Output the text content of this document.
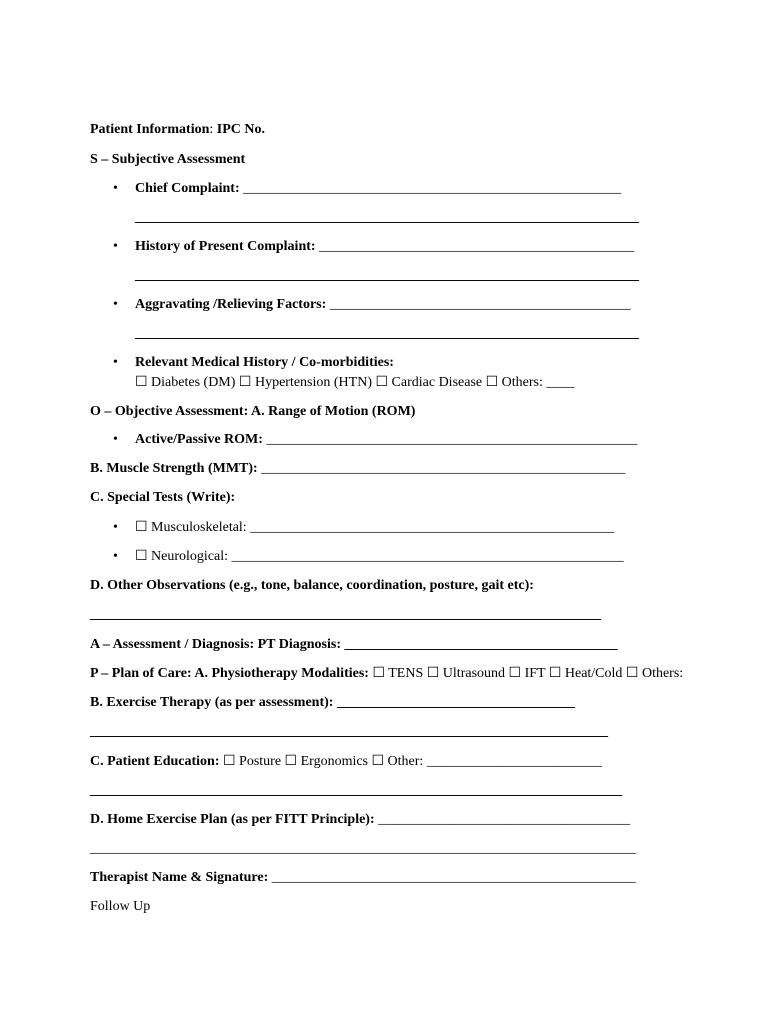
Patient Information: IPC No.
S – Subjective Assessment
• Chief Complaint: ______________________________________________________
________________________________________________________________________
• History of Present Complaint: _____________________________________________
________________________________________________________________________
• Aggravating /Relieving Factors: ___________________________________________
________________________________________________________________________
• Relevant Medical History / Co-morbidities:
☐ Diabetes (DM) ☐ Hypertension (HTN) ☐ Cardiac Disease ☐ Others: ____
O – Objective Assessment: A. Range of Motion (ROM)
• Active/Passive ROM: _____________________________________________________
B. Muscle Strength (MMT): ____________________________________________________
C. Special Tests (Write):
• ☐ Musculoskeletal: ____________________________________________________
• ☐ Neurological: ________________________________________________________
D. Other Observations (e.g., tone, balance, coordination, posture, gait etc):
_________________________________________________________________________
A – Assessment / Diagnosis: PT Diagnosis: _______________________________________
P – Plan of Care: A. Physiotherapy Modalities: ☐ TENS ☐ Ultrasound ☐ IFT ☐ Heat/Cold ☐ Others:
B. Exercise Therapy (as per assessment): __________________________________
__________________________________________________________________________
C. Patient Education: ☐ Posture ☐ Ergonomics ☐ Other: _________________________
____________________________________________________________________________
D. Home Exercise Plan (as per FITT Principle): ____________________________________
______________________________________________________________________________
Therapist Name & Signature: ____________________________________________________
Follow Up
